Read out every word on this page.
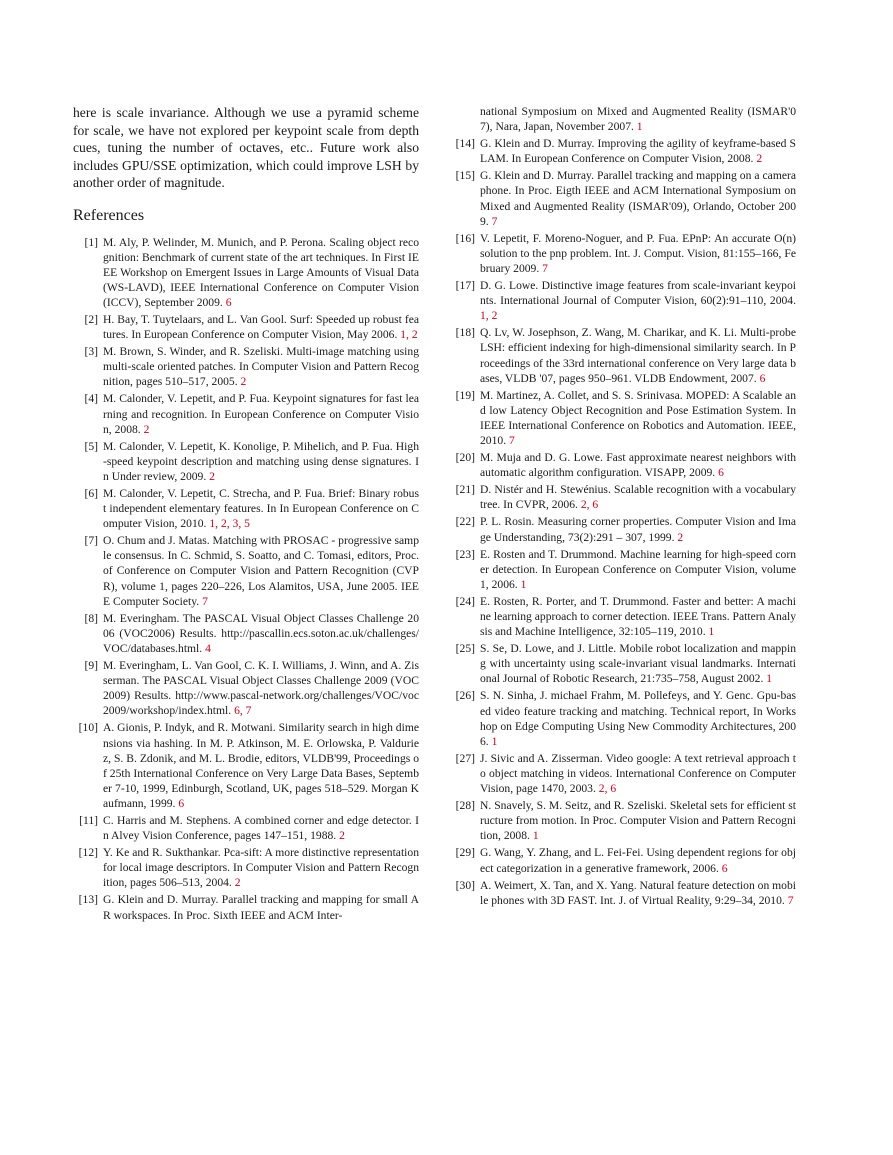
here is scale invariance. Although we use a pyramid scheme for scale, we have not explored per keypoint scale from depth cues, tuning the number of octaves, etc.. Future work also includes GPU/SSE optimization, which could improve LSH by another order of magnitude.

References
[1] M. Aly, P. Welinder, M. Munich, and P. Perona. Scaling object recognition: Benchmark of current state of the art techniques. In First IEEE Workshop on Emergent Issues in Large Amounts of Visual Data (WS-LAVD), IEEE International Conference on Computer Vision (ICCV), September 2009. 6
[2] H. Bay, T. Tuytelaars, and L. Van Gool. Surf: Speeded up robust features. In European Conference on Computer Vision, May 2006. 1, 2
[3] M. Brown, S. Winder, and R. Szeliski. Multi-image matching using multi-scale oriented patches. In Computer Vision and Pattern Recognition, pages 510–517, 2005. 2
[4] M. Calonder, V. Lepetit, and P. Fua. Keypoint signatures for fast learning and recognition. In European Conference on Computer Vision, 2008. 2
[5] M. Calonder, V. Lepetit, K. Konolige, P. Mihelich, and P. Fua. High-speed keypoint description and matching using dense signatures. In Under review, 2009. 2
[6] M. Calonder, V. Lepetit, C. Strecha, and P. Fua. Brief: Binary robust independent elementary features. In In European Conference on Computer Vision, 2010. 1, 2, 3, 5
[7] O. Chum and J. Matas. Matching with PROSAC - progressive sample consensus. In C. Schmid, S. Soatto, and C. Tomasi, editors, Proc. of Conference on Computer Vision and Pattern Recognition (CVPR), volume 1, pages 220–226, Los Alamitos, USA, June 2005. IEEE Computer Society. 7
[8] M. Everingham. The PASCAL Visual Object Classes Challenge 2006 (VOC2006) Results. http://pascallin.ecs.soton.ac.uk/challenges/VOC/databases.html. 4
[9] M. Everingham, L. Van Gool, C. K. I. Williams, J. Winn, and A. Zisserman. The PASCAL Visual Object Classes Challenge 2009 (VOC2009) Results. http://www.pascal-network.org/challenges/VOC/voc2009/workshop/index.html. 6, 7
[10] A. Gionis, P. Indyk, and R. Motwani. Similarity search in high dimensions via hashing. In M. P. Atkinson, M. E. Orlowska, P. Valduriez, S. B. Zdonik, and M. L. Brodie, editors, VLDB'99, Proceedings of 25th International Conference on Very Large Data Bases, September 7-10, 1999, Edinburgh, Scotland, UK, pages 518–529. Morgan Kaufmann, 1999. 6
[11] C. Harris and M. Stephens. A combined corner and edge detector. In Alvey Vision Conference, pages 147–151, 1988. 2
[12] Y. Ke and R. Sukthankar. Pca-sift: A more distinctive representation for local image descriptors. In Computer Vision and Pattern Recognition, pages 506–513, 2004. 2
[13] G. Klein and D. Murray. Parallel tracking and mapping for small AR workspaces. In Proc. Sixth IEEE and ACM Inter-
national Symposium on Mixed and Augmented Reality (ISMAR'07), Nara, Japan, November 2007. 1
[14] G. Klein and D. Murray. Improving the agility of keyframe-based SLAM. In European Conference on Computer Vision, 2008. 2
[15] G. Klein and D. Murray. Parallel tracking and mapping on a camera phone. In Proc. Eigth IEEE and ACM International Symposium on Mixed and Augmented Reality (ISMAR'09), Orlando, October 2009. 7
[16] V. Lepetit, F. Moreno-Noguer, and P. Fua. EPnP: An accurate O(n) solution to the pnp problem. Int. J. Comput. Vision, 81:155–166, February 2009. 7
[17] D. G. Lowe. Distinctive image features from scale-invariant keypoints. International Journal of Computer Vision, 60(2):91–110, 2004. 1, 2
[18] Q. Lv, W. Josephson, Z. Wang, M. Charikar, and K. Li. Multi-probe LSH: efficient indexing for high-dimensional similarity search. In Proceedings of the 33rd international conference on Very large data bases, VLDB '07, pages 950–961. VLDB Endowment, 2007. 6
[19] M. Martinez, A. Collet, and S. S. Srinivasa. MOPED: A Scalable and low Latency Object Recognition and Pose Estimation System. In IEEE International Conference on Robotics and Automation. IEEE, 2010. 7
[20] M. Muja and D. G. Lowe. Fast approximate nearest neighbors with automatic algorithm configuration. VISAPP, 2009. 6
[21] D. Nistér and H. Stewénius. Scalable recognition with a vocabulary tree. In CVPR, 2006. 2, 6
[22] P. L. Rosin. Measuring corner properties. Computer Vision and Image Understanding, 73(2):291 – 307, 1999. 2
[23] E. Rosten and T. Drummond. Machine learning for high-speed corner detection. In European Conference on Computer Vision, volume 1, 2006. 1
[24] E. Rosten, R. Porter, and T. Drummond. Faster and better: A machine learning approach to corner detection. IEEE Trans. Pattern Analysis and Machine Intelligence, 32:105–119, 2010. 1
[25] S. Se, D. Lowe, and J. Little. Mobile robot localization and mapping with uncertainty using scale-invariant visual landmarks. International Journal of Robotic Research, 21:735–758, August 2002. 1
[26] S. N. Sinha, J. michael Frahm, M. Pollefeys, and Y. Genc. Gpu-based video feature tracking and matching. Technical report, In Workshop on Edge Computing Using New Commodity Architectures, 2006. 1
[27] J. Sivic and A. Zisserman. Video google: A text retrieval approach to object matching in videos. International Conference on Computer Vision, page 1470, 2003. 2, 6
[28] N. Snavely, S. M. Seitz, and R. Szeliski. Skeletal sets for efficient structure from motion. In Proc. Computer Vision and Pattern Recognition, 2008. 1
[29] G. Wang, Y. Zhang, and L. Fei-Fei. Using dependent regions for object categorization in a generative framework, 2006. 6
[30] A. Weimert, X. Tan, and X. Yang. Natural feature detection on mobile phones with 3D FAST. Int. J. of Virtual Reality, 9:29–34, 2010. 7
